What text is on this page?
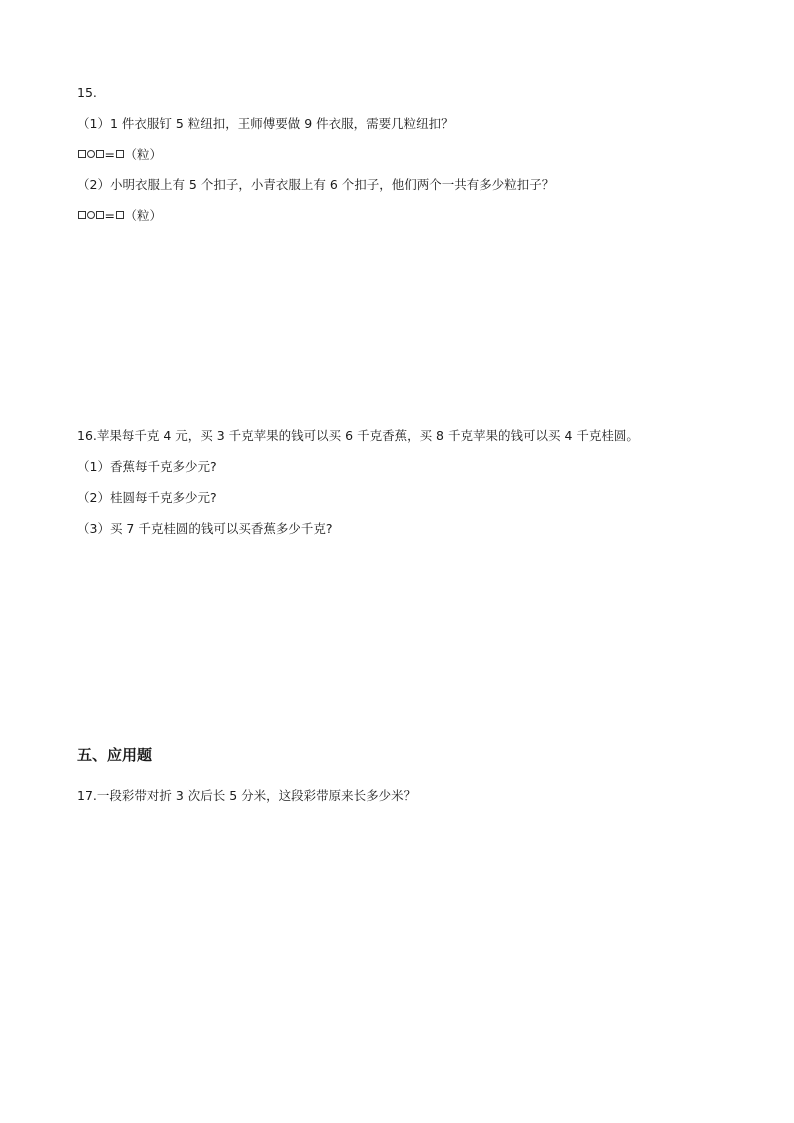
15.
（1）1 件衣服钉 5 粒纽扣，王师傅要做 9 件衣服，需要几粒纽扣？
= （粒）
（2）小明衣服上有 5 个扣子，小青衣服上有 6 个扣子，他们两个一共有多少粒扣子？
= （粒）
16.苹果每千克 4 元，买 3 千克苹果的钱可以买 6 千克香蕉，买 8 千克苹果的钱可以买 4 千克桂圆。
（1）香蕉每千克多少元?
（2）桂圆每千克多少元?
（3）买 7 千克桂圆的钱可以买香蕉多少千克?
五、应用题
17.一段彩带对折 3 次后长 5 分米，这段彩带原来长多少米？
